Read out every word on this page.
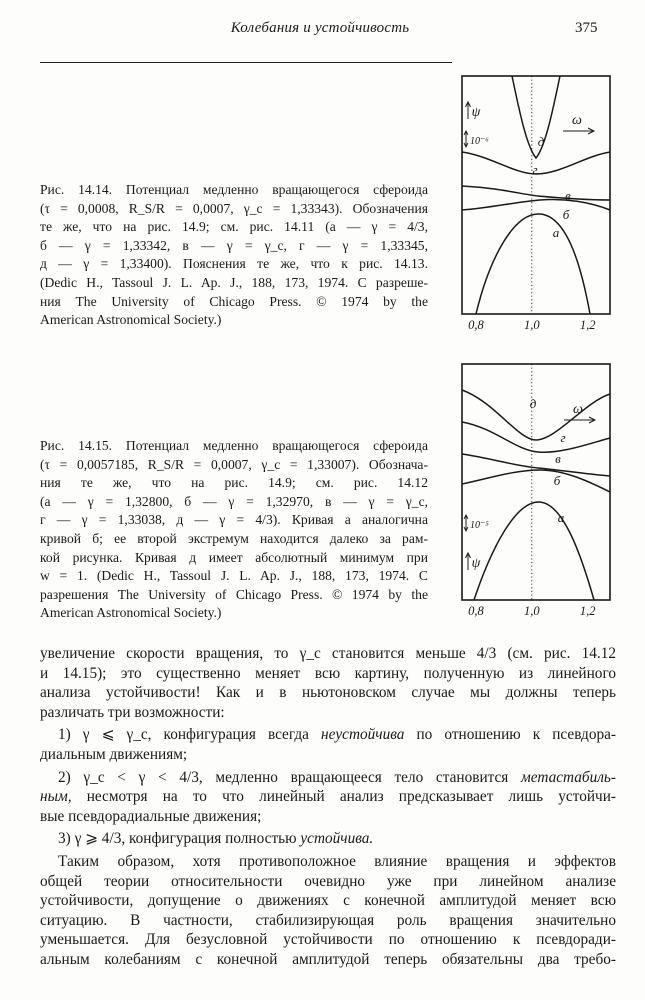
Колебания и устойчивость	375
Рис. 14.14. Потенциал медленно вращающегося сфероида
(τ = 0,0008, R_S/R = 0,0007, γ_c = 1,33343). Обозначения
те же, что на рис. 14.9; см. рис. 14.11 (а — γ = 4/3,
б — γ = 1,33342, в — γ = γ_c, г — γ = 1,33345,
д — γ = 1,33400). Пояснения те же, что к рис. 14.13.
(Dedic H., Tassoul J. L. Ap. J., 188, 173, 1974. С разреше-
ния The University of Chicago Press. © 1974 by the
American Astronomical Society.)
д
г
в
б
а
ψ
10⁻⁶
ω
0,8	1,0	1,2
Рис. 14.15. Потенциал медленно вращающегося сфероида
(τ = 0,0057185, R_S/R = 0,0007, γ_c = 1,33007). Обознача-
ния те же, что на рис. 14.9; см. рис. 14.12
(а — γ = 1,32800, б — γ = 1,32970, в — γ = γ_c,
г — γ = 1,33038, д — γ = 4/3). Кривая а аналогична
кривой б; ее второй экстремум находится далеко за рам-
кой рисунка. Кривая д имеет абсолютный минимум при
w = 1. (Dedic H., Tassoul J. L. Ap. J., 188, 173, 1974. С
разрешения The University of Chicago Press. © 1974 by the
American Astronomical Society.)
д
г
в
б
а
ψ
10⁻⁵
ω
0,8	1,0	1,2
увеличение скорости вращения, то γ_c становится меньше 4/3 (см. рис. 14.12
и 14.15); это существенно меняет всю картину, полученную из линейного
анализа устойчивости! Как и в ньютоновском случае мы должны теперь
различать три возможности:
1) γ ⩽ γ_c, конфигурация всегда неустойчива по отношению к псевдора-
диальным движениям;
2) γ_c < γ < 4/3, медленно вращающееся тело становится метастабиль-
ным, несмотря на то что линейный анализ предсказывает лишь устойчи-
вые псевдорадиальные движения;
3) γ ⩾ 4/3, конфигурация полностью устойчива.
Таким образом, хотя противоположное влияние вращения и эффектов
общей теории относительности очевидно уже при линейном анализе
устойчивости, допущение о движениях с конечной амплитудой меняет всю
ситуацию. В частности, стабилизирующая роль вращения значительно
уменьшается. Для безусловной устойчивости по отношению к псевдоради-
альным колебаниям с конечной амплитудой теперь обязательны два требо-
